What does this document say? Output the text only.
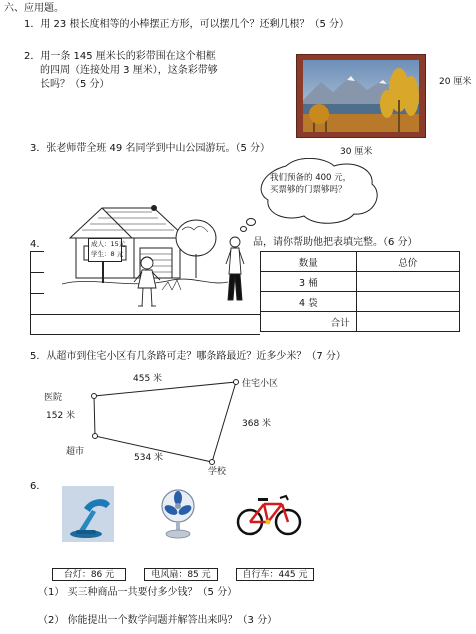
六、应用题。
1．用 23 根长度相等的小棒摆正方形，可以摆几个？还剩几根？（5 分）
2．用一条 145 厘米长的彩带围在这个相框
的四周（连接处用 3 厘米），这条彩带够
长吗？（5 分）	20 厘米
30 厘米
3．张老师带全班 49 名同学到中山公园游玩。（5 分）
我们预备的 400 元，买票够的门票够吗？
成人：15元
学生：8 元
4．	品，请你帮助他把表填完整。（6 分）
数量	总价
3 桶	
4 袋	
合计	
5．从超市到住宅小区有几条路可走？哪条路最近？近多少米？（7 分）
医院
住宅小区
超市
学校
455 米
152 米
534 米
368 米
6．
台灯：86 元	电风扇：85 元	自行车：445 元
（1） 买三种商品一共要付多少钱？（5 分）
（2） 你能提出一个数学问题并解答出来吗？（3 分）
